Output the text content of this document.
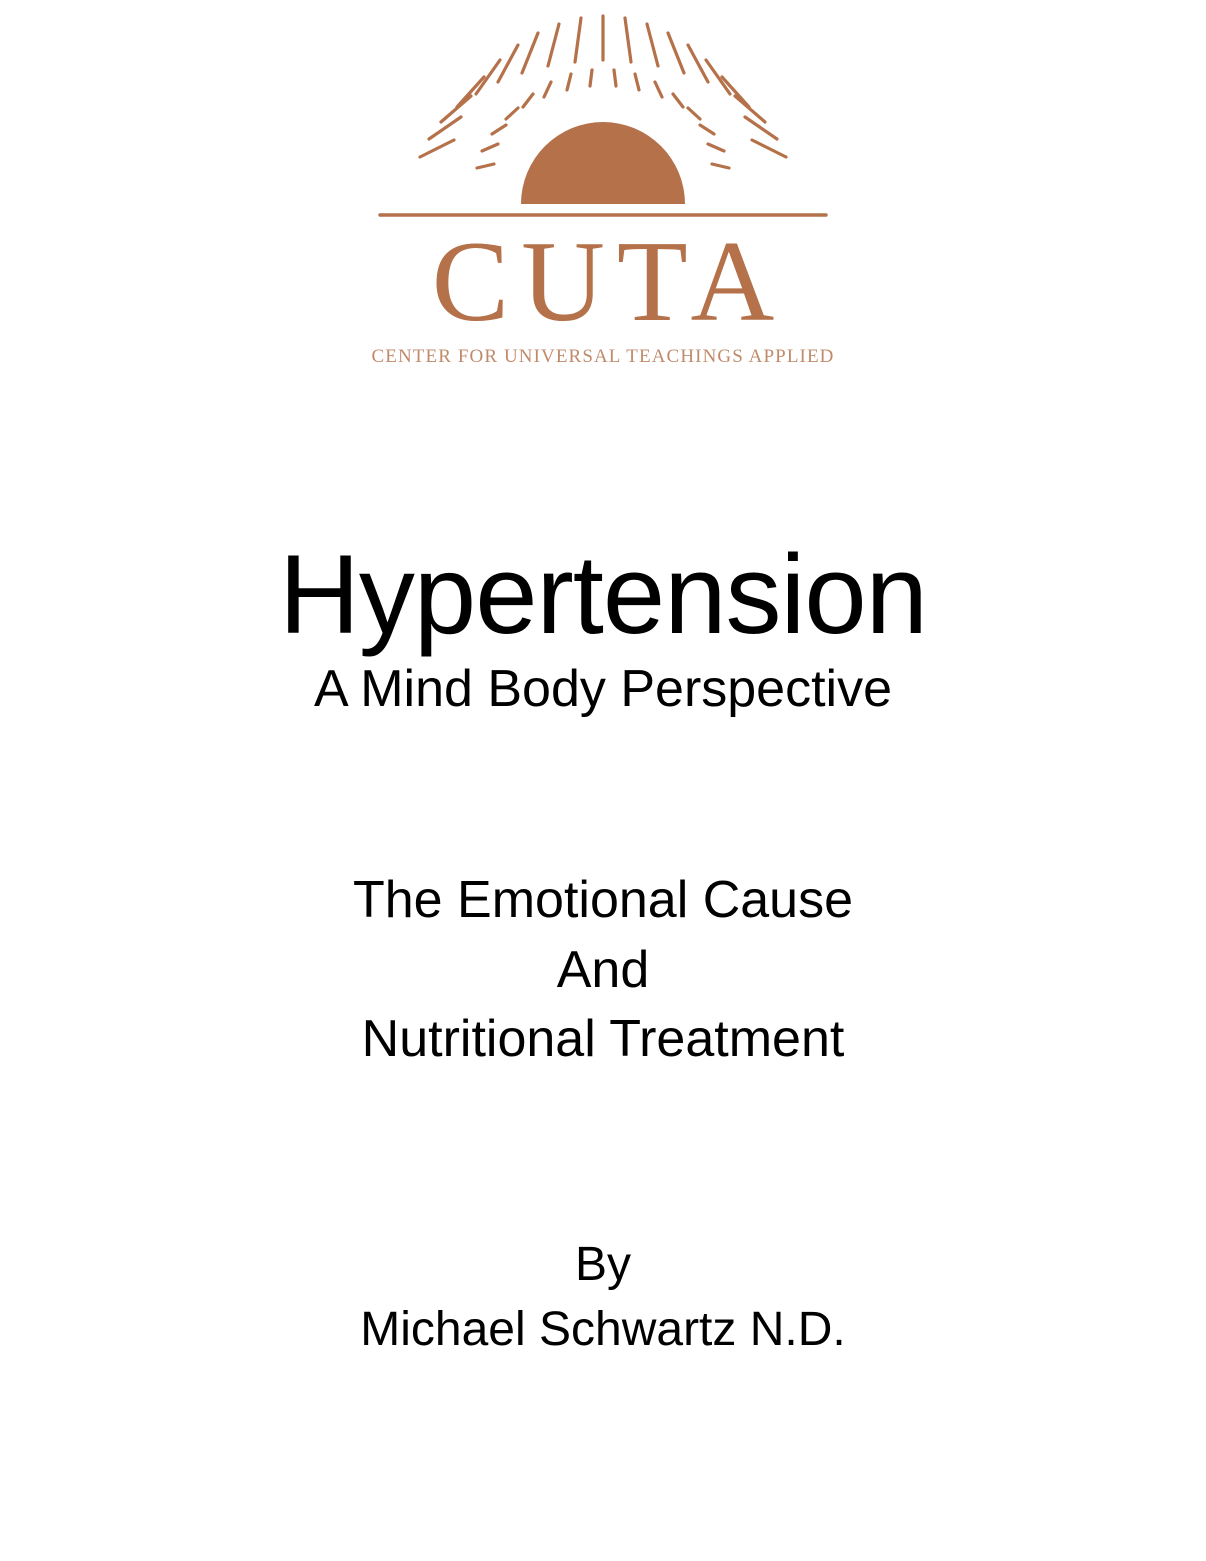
CUTA
CENTER FOR UNIVERSAL TEACHINGS APPLIED
Hypertension
A Mind Body Perspective
The Emotional Cause
And
Nutritional Treatment
By
Michael Schwartz N.D.
